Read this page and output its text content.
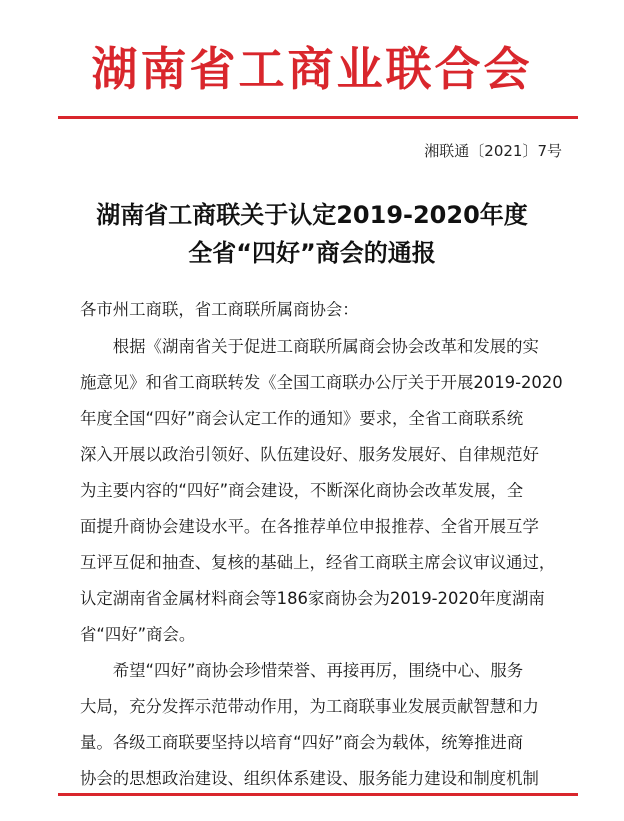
湖南省工商业联合会
湘联通〔2021〕7号
湖南省工商联关于认定2019-2020年度
全省“四好”商会的通报
各市州工商联，省工商联所属商协会：
　　根据《湖南省关于促进工商联所属商会协会改革和发展的实
施意见》和省工商联转发《全国工商联办公厅关于开展2019-2020
年度全国“四好”商会认定工作的通知》要求，全省工商联系统
深入开展以政治引领好、队伍建设好、服务发展好、自律规范好
为主要内容的“四好”商会建设，不断深化商协会改革发展，全
面提升商协会建设水平。在各推荐单位申报推荐、全省开展互学
互评互促和抽查、复核的基础上，经省工商联主席会议审议通过，
认定湖南省金属材料商会等186家商协会为2019-2020年度湖南
省“四好”商会。
　　希望“四好”商协会珍惜荣誉、再接再厉，围绕中心、服务
大局，充分发挥示范带动作用，为工商联事业发展贡献智慧和力
量。各级工商联要坚持以培育“四好”商会为载体，统筹推进商
协会的思想政治建设、组织体系建设、服务能力建设和制度机制
